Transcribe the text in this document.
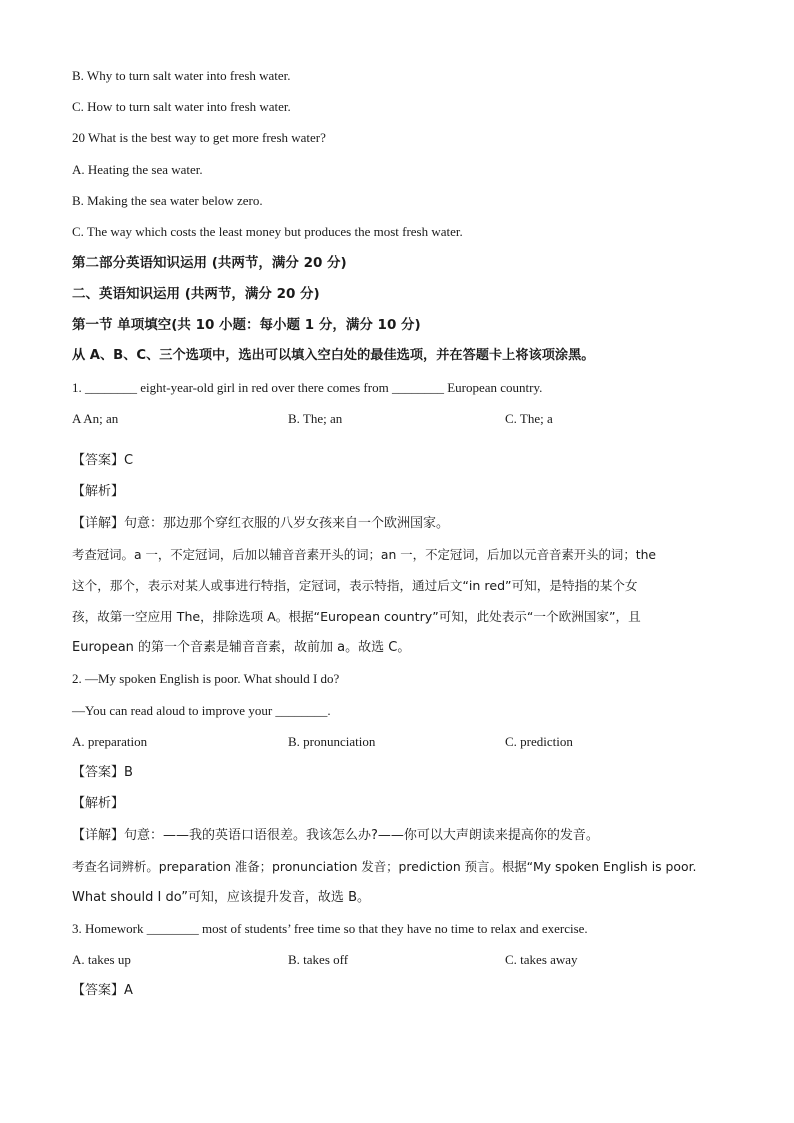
B. Why to turn salt water into fresh water.
C. How to turn salt water into fresh water.
20 What is the best way to get more fresh water?
A. Heating the sea water.
B. Making the sea water below zero.
C. The way which costs the least money but produces the most fresh water.
第二部分英语知识运用 (共两节，满分 20 分)
二、英语知识运用 (共两节，满分 20 分)
第一节 单项填空(共 10 小题：每小题 1 分，满分 10 分)
从 A、B、C、三个选项中，选出可以填入空白处的最佳选项，并在答题卡上将该项涂黑。
1. ________ eight-year-old girl in red over there comes from ________ European country.
A An; an	B. The; an	C. The; a
【答案】C
【解析】
【详解】句意：那边那个穿红衣服的八岁女孩来自一个欧洲国家。
考查冠词。a 一，不定冠词，后加以辅音音素开头的词；an 一，不定冠词，后加以元音音素开头的词；the
这个，那个，表示对某人或事进行特指，定冠词，表示特指，通过后文“in red”可知，是特指的某个女
孩，故第一空应用 The，排除选项 A。根据“European country”可知，此处表示“一个欧洲国家”，且
European 的第一个音素是辅音音素，故前加 a。故选 C。
2. —My spoken English is poor. What should I do?
—You can read aloud to improve your ________.
A. preparation	B. pronunciation	C. prediction
【答案】B
【解析】
【详解】句意：——我的英语口语很差。我该怎么办?——你可以大声朗读来提高你的发音。
考查名词辨析。preparation 准备；pronunciation 发音；prediction 预言。根据“My spoken English is poor.
What should I do”可知，应该提升发音，故选 B。
3. Homework ________ most of students’ free time so that they have no time to relax and exercise.
A. takes up	B. takes off	C. takes away
【答案】A
